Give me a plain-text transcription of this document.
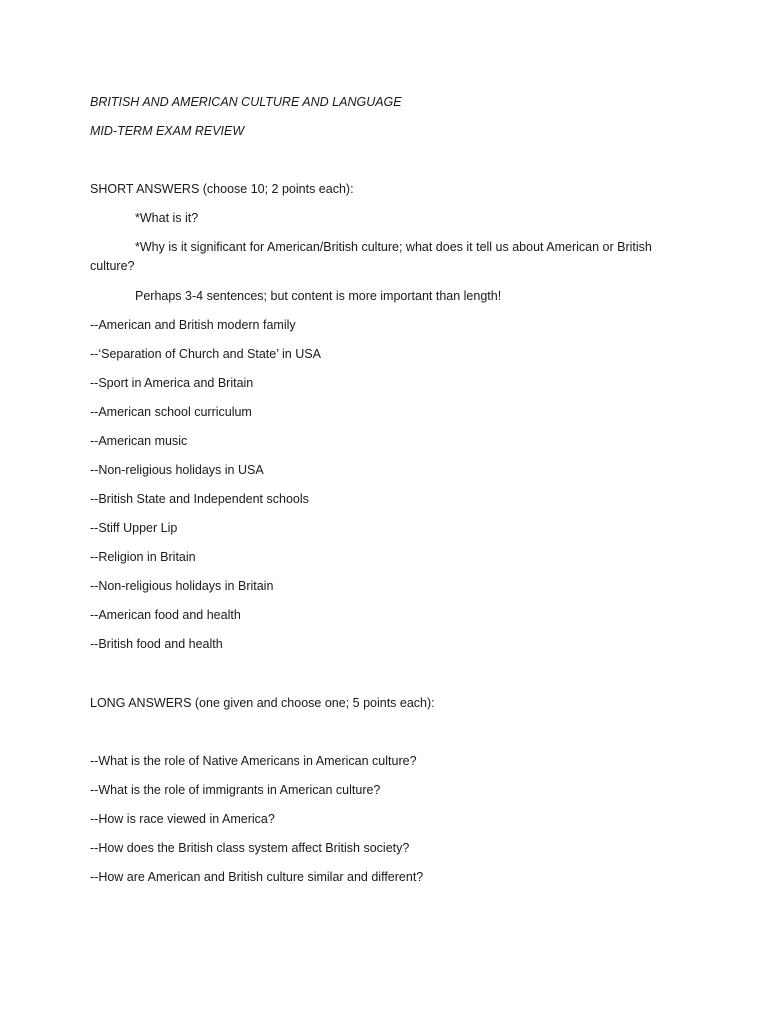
BRITISH AND AMERICAN CULTURE AND LANGUAGE
MID-TERM EXAM REVIEW
SHORT ANSWERS (choose 10; 2 points each):
*What is it?
*Why is it significant for American/British culture; what does it tell us about American or British culture?
Perhaps 3-4 sentences; but content is more important than length!
--American and British modern family
--‘Separation of Church and State’ in USA
--Sport in America and Britain
--American school curriculum
--American music
--Non-religious holidays in USA
--British State and Independent schools
--Stiff Upper Lip
--Religion in Britain
--Non-religious holidays in Britain
--American food and health
--British food and health
LONG ANSWERS (one given and choose one; 5 points each):
--What is the role of Native Americans in American culture?
--What is the role of immigrants in American culture?
--How is race viewed in America?
--How does the British class system affect British society?
--How are American and British culture similar and different?
